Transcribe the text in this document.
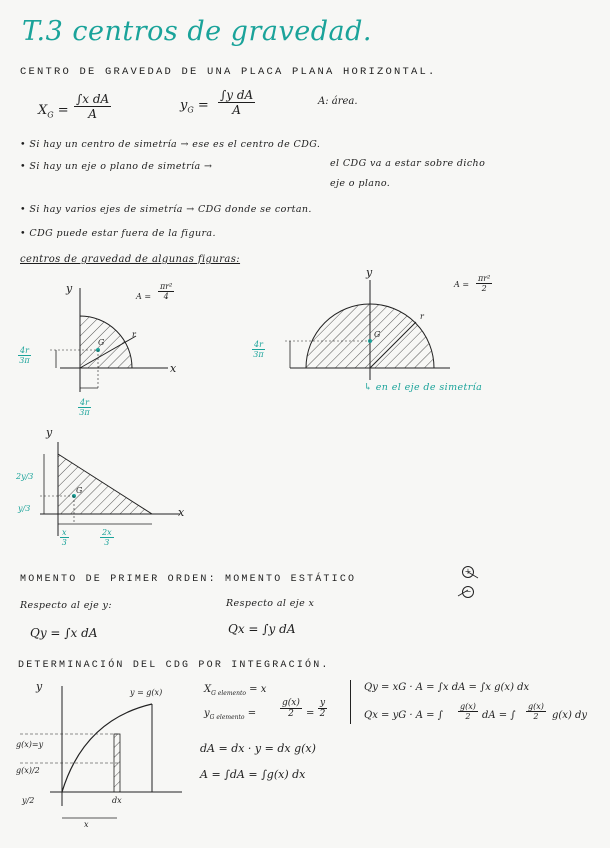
T.3 centros de gravedad.
CENTRO DE GRAVEDAD DE UNA PLACA PLANA HORIZONTAL.
$X_G = \frac{\text{∫x dA}}{A}$	$y_G = \frac{\text{∫y dA}}{A}$	A: área.
• Si hay un centro de simetría → ese es el centro de CDG.
• Si hay un eje o plano de simetría →	el CDG va a estar sobre dicho
eje o plano.
• Si hay varios ejes de simetría → CDG donde se cortan.
• CDG puede estar fuera de la figura.
centros de gravedad de algunas figuras:
y
x
G
r
$A = \frac{\text{πr²}}{4}$
$\frac{4r}{3\pi}$
$\frac{4r}{3\pi}$
y
G
r
$A = \frac{\text{πr²}}{2}$
$\frac{4r}{3\pi}$
↳ en el eje de simetría
y
x
G
2y/3
y/3
$\frac{x}{3}$	$\frac{2x}{3}$
MOMENTO DE PRIMER ORDEN: MOMENTO ESTÁTICO
+
−
Respecto al eje y:	Respecto al eje x
Qy = ∫x dA	Qx = ∫y dA
DETERMINACIÓN DEL CDG POR INTEGRACIÓN.
y	y = g(x)
dx
x
g(x)=y
g(x)/2
y/2
$X_{G elemento} = x$
$y_{G elemento}$ =	$\frac{g(x)}{2} = \frac{y}{2}$
Qy = xG · A = ∫x dA = ∫x g(x) dx
Qx = yG · A = ∫ $\frac{g(x)}{2}$ dA = ∫ $\frac{g(x)}{2} g(x)$ dy
dA = dx · y = dx g(x)
A = ∫dA = ∫g(x) dx
